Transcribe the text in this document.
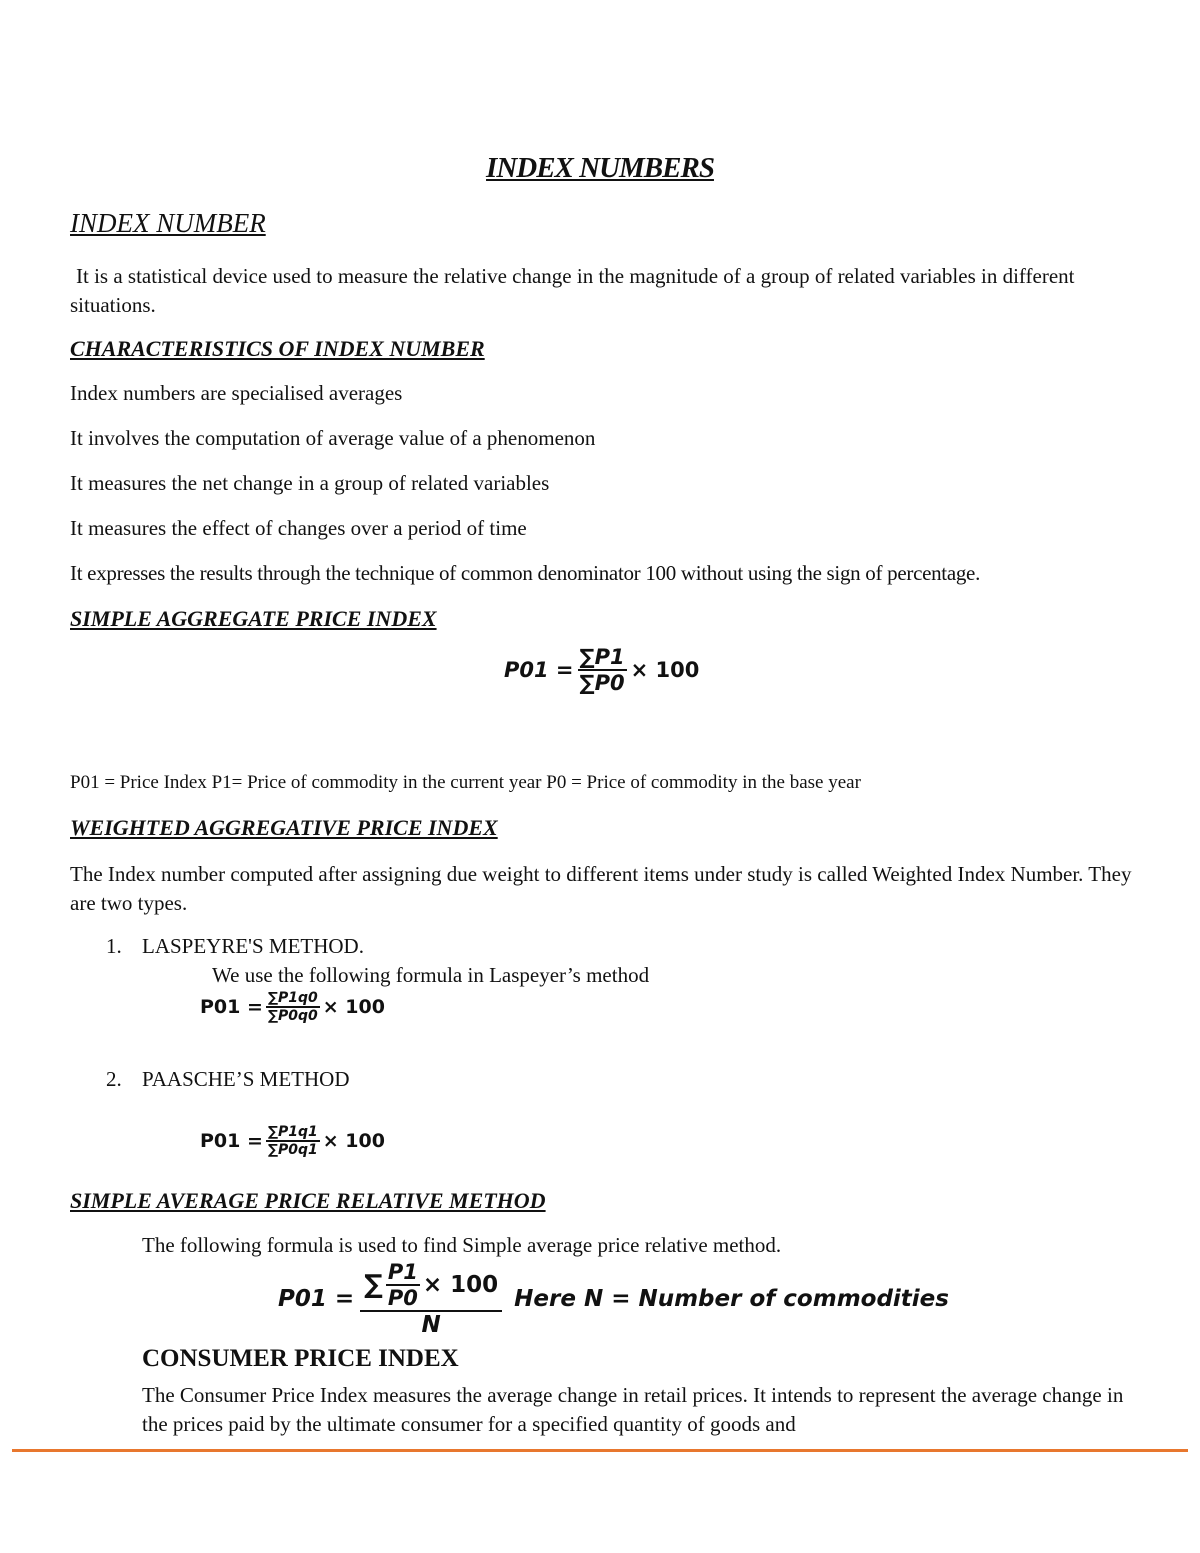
INDEX NUMBERS
INDEX NUMBER
It is a statistical device used to measure the relative change in the magnitude of a group of related variables in different situations.
CHARACTERISTICS OF INDEX NUMBER
Index numbers are specialised averages
It involves the computation of average value of a phenomenon
It measures the net change in a group of related variables
It measures the effect of changes over a period of time
It expresses the results through the technique of common denominator 100 without using the sign of percentage.
SIMPLE AGGREGATE PRICE INDEX
$P01 = \frac{\sum P1}{\sum P0} \times 100$
P01 = Price Index P1= Price of commodity in the current year P0 = Price of commodity in the base year
WEIGHTED AGGREGATIVE PRICE INDEX
The Index number computed after assigning due weight to different items under study is called Weighted Index Number. They are two types.
1. LASPEYRE'S METHOD.
We use the following formula in Laspeyer’s method
$P01 = \frac{\sum P1q0}{\sum P0q0} \times 100$
2. PAASCHE’S METHOD
$P01 = \frac{\sum P1q1}{\sum P0q1} \times 100$
SIMPLE AVERAGE PRICE RELATIVE METHOD
The following formula is used to find Simple average price relative method.
$P01 = \frac{\sum \frac{P1}{P0} \times 100}{N}$ Here N = Number of commodities
CONSUMER PRICE INDEX
The Consumer Price Index measures the average change in retail prices. It intends to represent the average change in the prices paid by the ultimate consumer for a specified quantity of goods and
